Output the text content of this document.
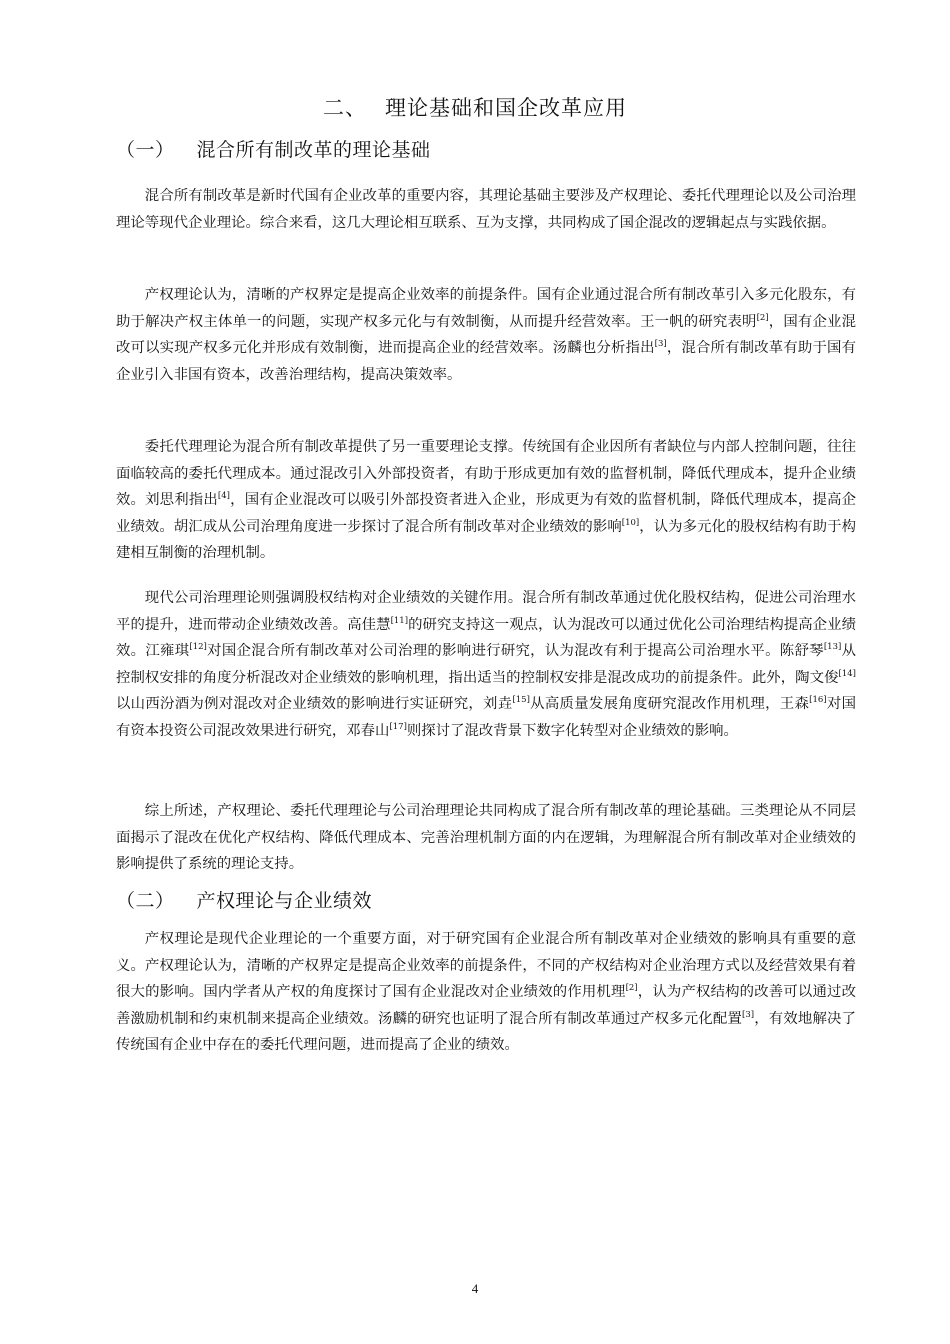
二、 理论基础和国企改革应用
（一） 混合所有制改革的理论基础

混合所有制改革是新时代国有企业改革的重要内容，其理论基础主要涉及产权理论、委托代理理论以及公司治理理论等现代企业理论。综合来看，这几大理论相互联系、互为支撑，共同构成了国企混改的逻辑起点与实践依据。

产权理论认为，清晰的产权界定是提高企业效率的前提条件。国有企业通过混合所有制改革引入多元化股东，有助于解决产权主体单一的问题，实现产权多元化与有效制衡，从而提升经营效率。王一帆的研究表明[2]，国有企业混改可以实现产权多元化并形成有效制衡，进而提高企业的经营效率。汤麟也分析指出[3]，混合所有制改革有助于国有企业引入非国有资本，改善治理结构，提高决策效率。

委托代理理论为混合所有制改革提供了另一重要理论支撑。传统国有企业因所有者缺位与内部人控制问题，往往面临较高的委托代理成本。通过混改引入外部投资者，有助于形成更加有效的监督机制，降低代理成本，提升企业绩效。刘思利指出[4]，国有企业混改可以吸引外部投资者进入企业，形成更为有效的监督机制，降低代理成本，提高企业绩效。胡汇成从公司治理角度进一步探讨了混合所有制改革对企业绩效的影响[10]，认为多元化的股权结构有助于构建相互制衡的治理机制。

现代公司治理理论则强调股权结构对企业绩效的关键作用。混合所有制改革通过优化股权结构，促进公司治理水平的提升，进而带动企业绩效改善。高佳慧[11]的研究支持这一观点，认为混改可以通过优化公司治理结构提高企业绩效。江雍琪[12]对国企混合所有制改革对公司治理的影响进行研究，认为混改有利于提高公司治理水平。陈舒琴[13]从控制权安排的角度分析混改对企业绩效的影响机理，指出适当的控制权安排是混改成功的前提条件。此外，陶文俊[14]以山西汾酒为例对混改对企业绩效的影响进行实证研究，刘垚[15]从高质量发展角度研究混改作用机理，王森[16]对国有资本投资公司混改效果进行研究，邓春山[17]则探讨了混改背景下数字化转型对企业绩效的影响。

综上所述，产权理论、委托代理理论与公司治理理论共同构成了混合所有制改革的理论基础。三类理论从不同层面揭示了混改在优化产权结构、降低代理成本、完善治理机制方面的内在逻辑，为理解混合所有制改革对企业绩效的影响提供了系统的理论支持。

（二） 产权理论与企业绩效

产权理论是现代企业理论的一个重要方面，对于研究国有企业混合所有制改革对企业绩效的影响具有重要的意义。产权理论认为，清晰的产权界定是提高企业效率的前提条件，不同的产权结构对企业治理方式以及经营效果有着很大的影响。国内学者从产权的角度探讨了国有企业混改对企业绩效的作用机理[2]，认为产权结构的改善可以通过改善激励机制和约束机制来提高企业绩效。汤麟的研究也证明了混合所有制改革通过产权多元化配置[3]，有效地解决了传统国有企业中存在的委托代理问题，进而提高了企业的绩效。

4
